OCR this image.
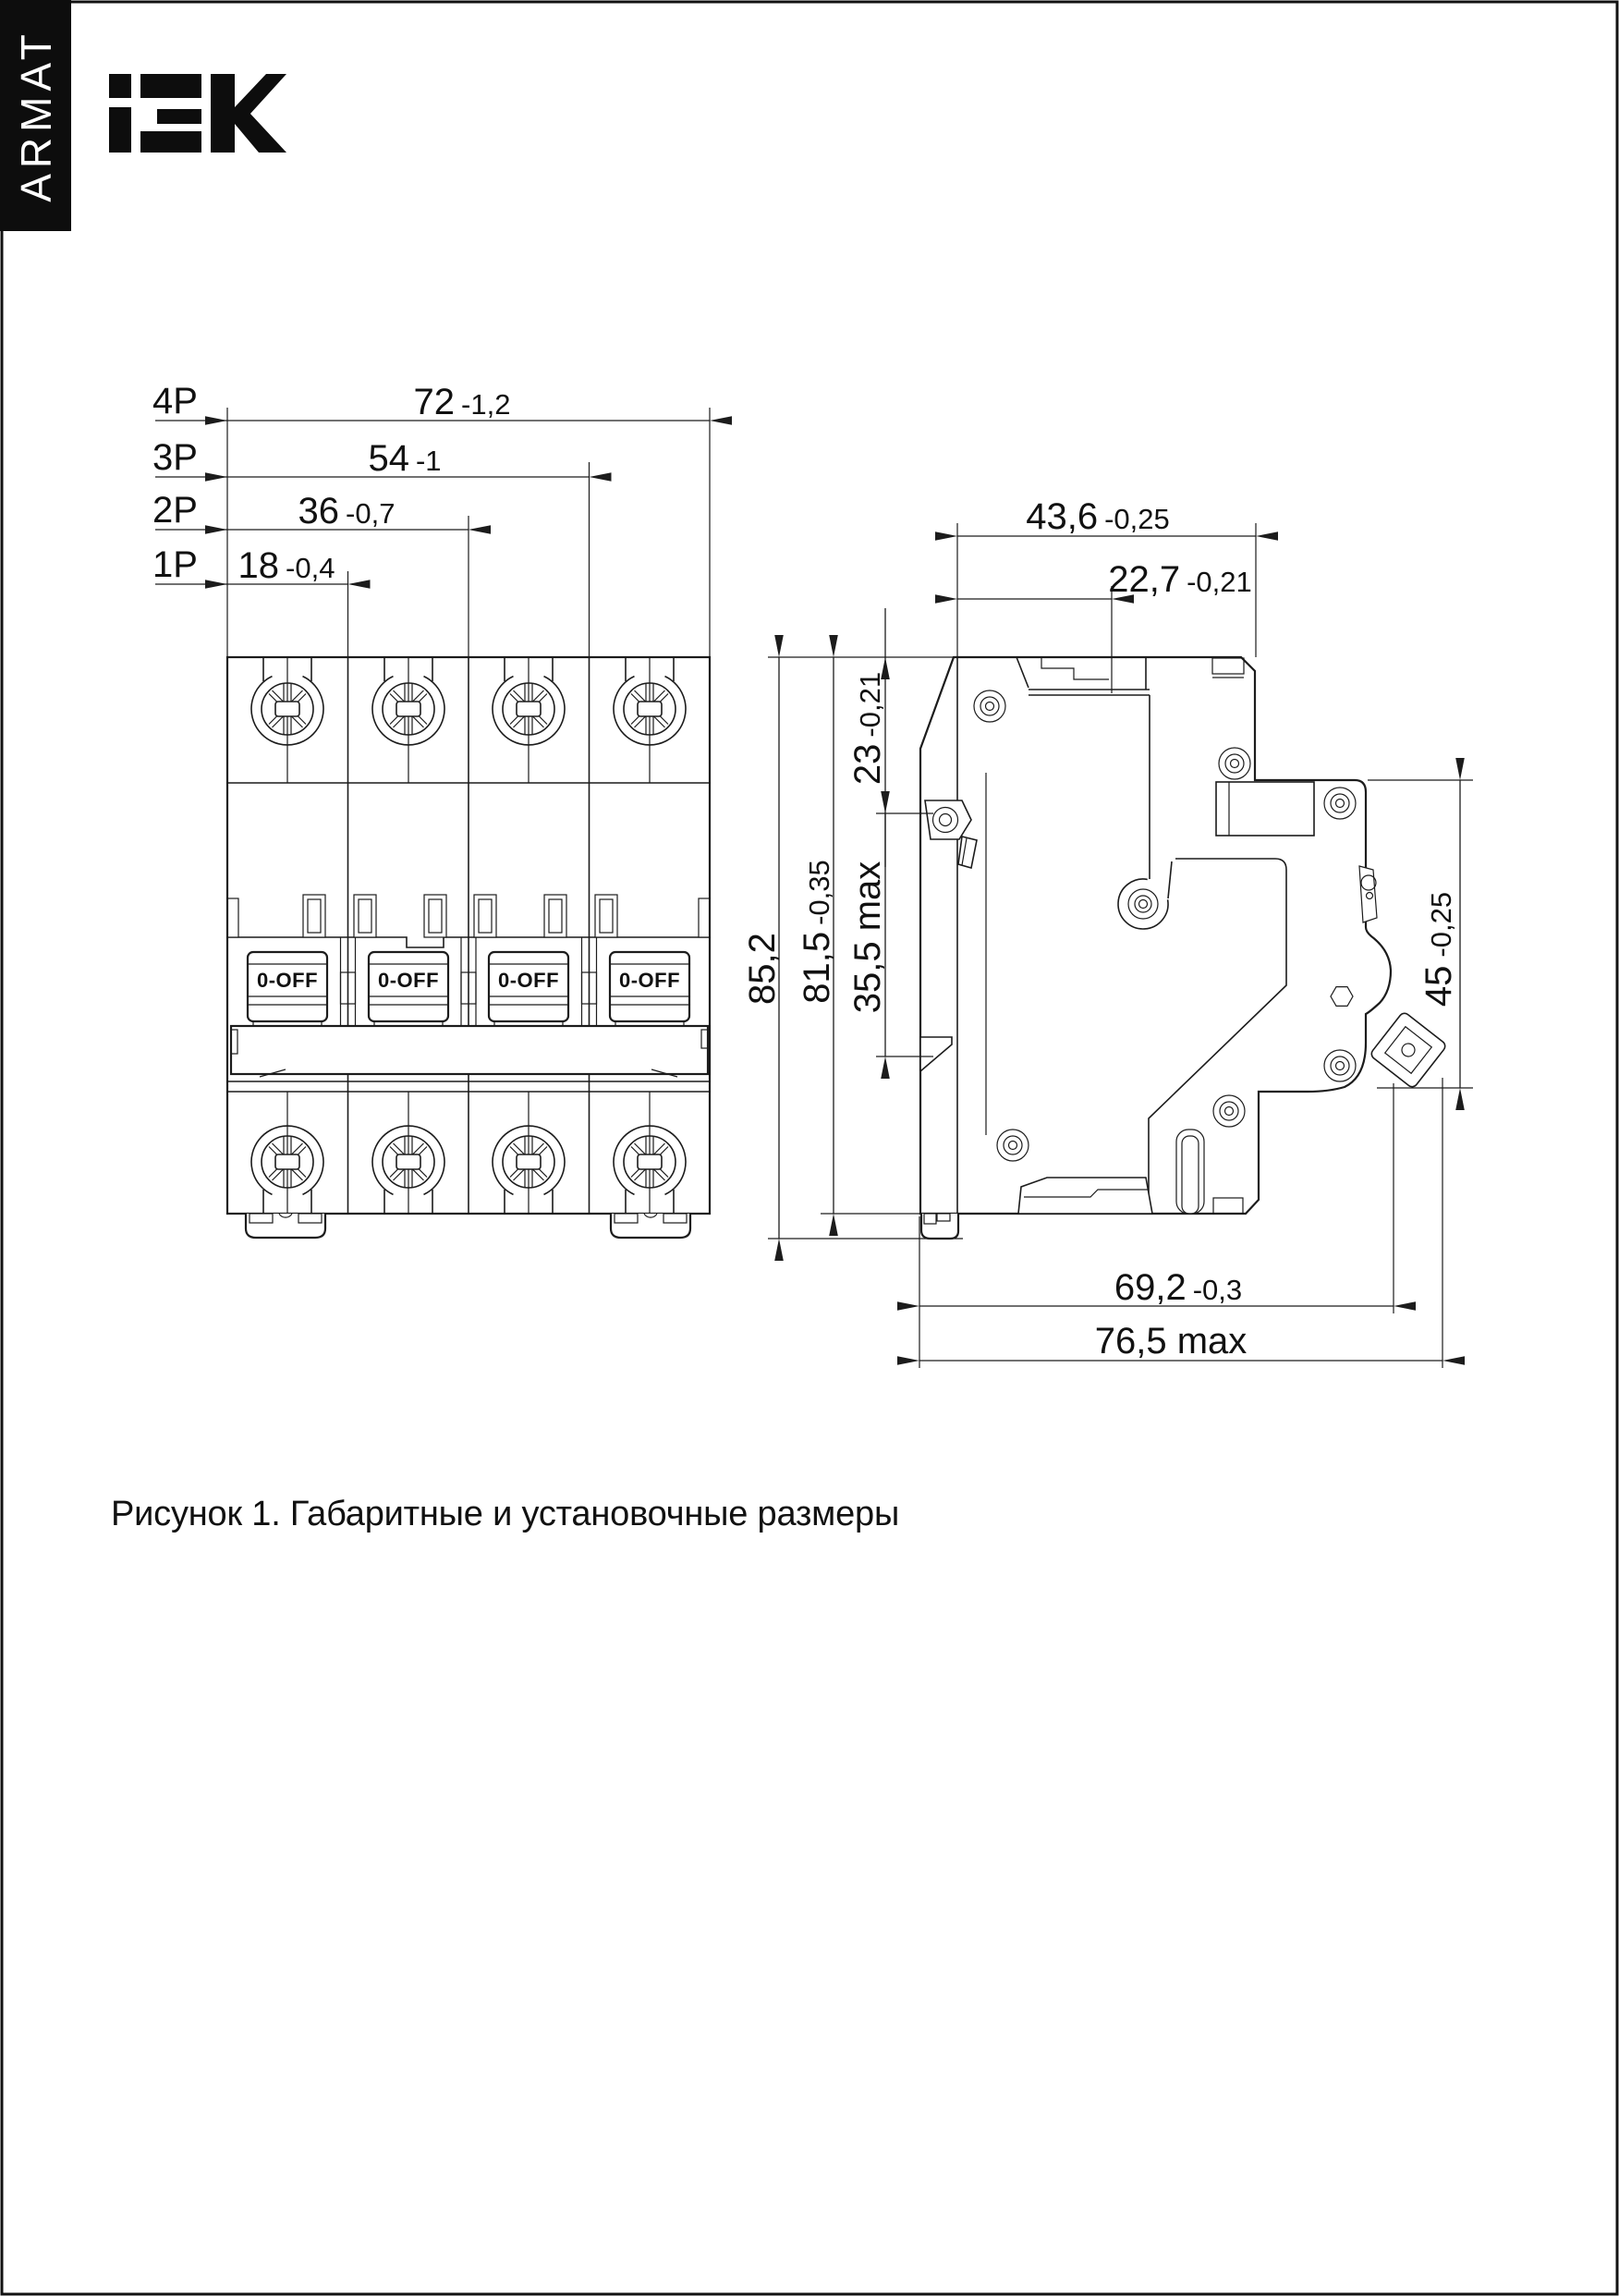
ARMAT
0-OFF	0-OFF	0-OFF	0-OFF
4P	72 -1,2
3P	54 -1
2P	36 -0,7
1P 18 -0,4
85,2 81,5-0,35
23-0,21
35,5 max
43,6 -0,25
22,7 -0,21
45-0,25
69,2 -0,3
76,5 max
Рисунок 1. Габаритные и установочные размеры
